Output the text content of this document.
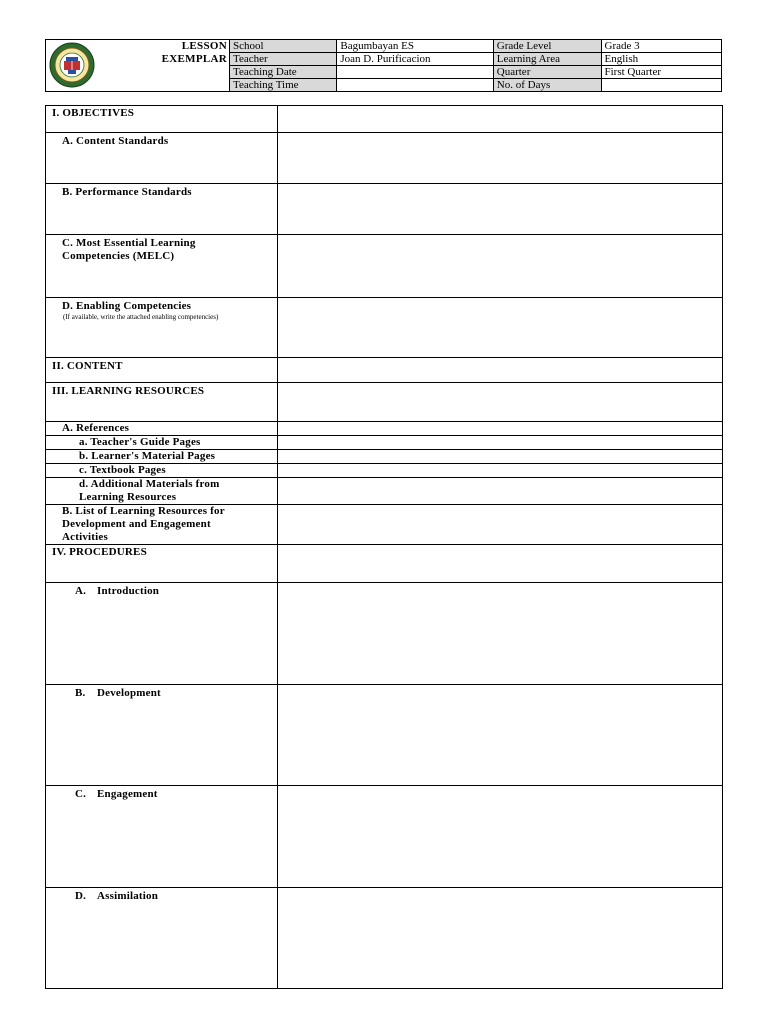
LESSON
EXEMPLAR
School	Bagumbayan ES	Grade Level	Grade 3
Teacher	Joan D. Purificacion	Learning Area	English
Teaching Date		Quarter	First Quarter
Teaching Time		No. of Days	
I. OBJECTIVES	

A. Content Standards	

B. Performance Standards	

C. Most Essential Learning
Competencies (MELC)	

D. Enabling Competencies
(If available, write the attached enabling competencies)	

II. CONTENT	

III. LEARNING RESOURCES	

A. References	

a. Teacher's Guide Pages	

b. Learner's Material Pages	

c. Textbook Pages	

d. Additional Materials from
Learning Resources	

B. List of Learning Resources for
Development and Engagement
Activities	

IV. PROCEDURES	

A. Introduction	

B. Development	

C. Engagement	

D. Assimilation	
